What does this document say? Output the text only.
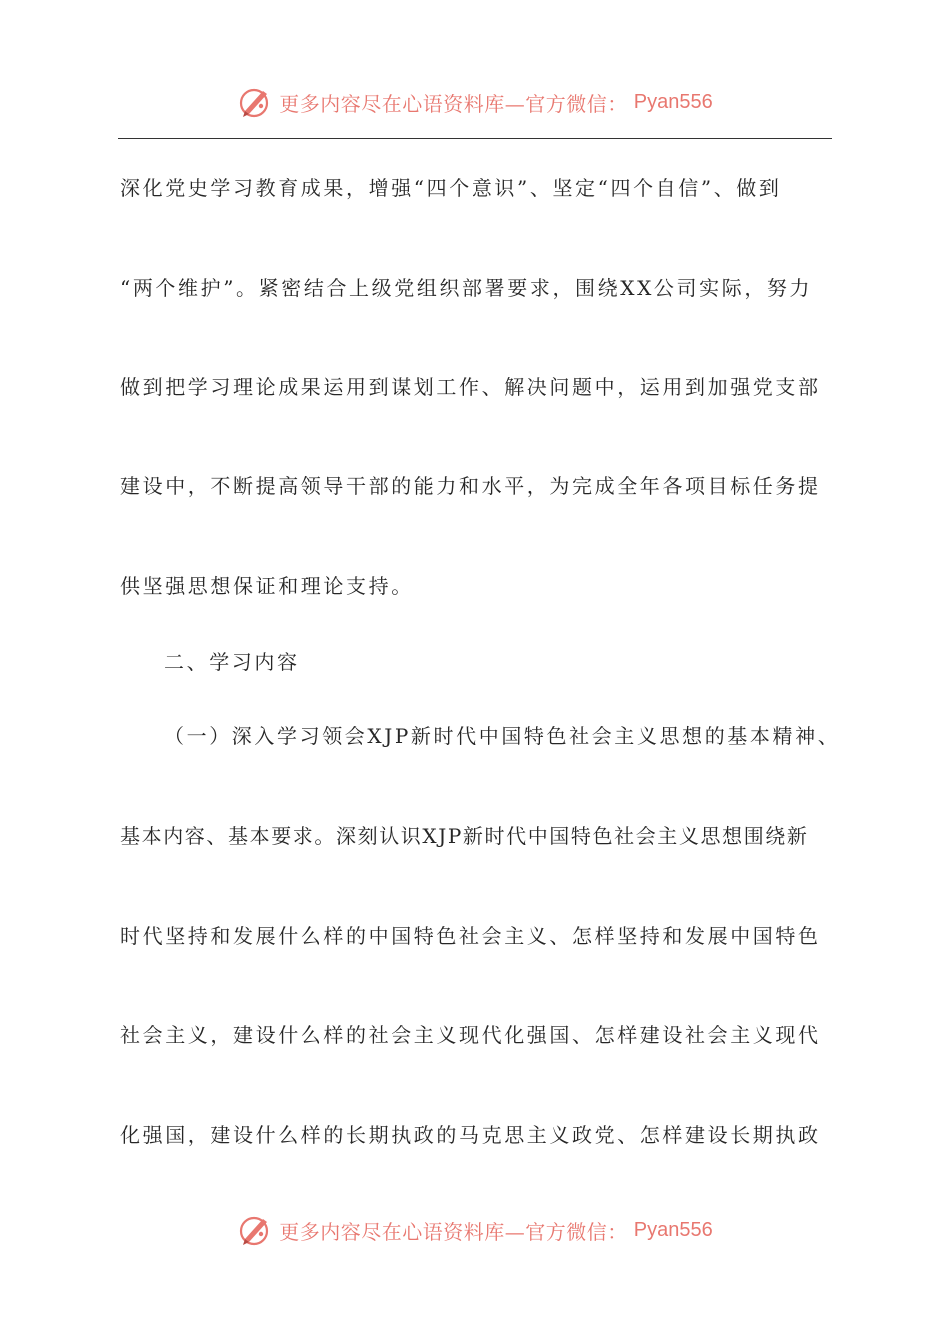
更多内容尽在心语资料库—官方微信： Pyan556
深化党史学习教育成果，增强“四个意识”、坚定“四个自信”、做到
“两个维护”。紧密结合上级党组织部署要求，围绕XX公司实际，努力
做到把学习理论成果运用到谋划工作、解决问题中，运用到加强党支部
建设中，不断提高领导干部的能力和水平，为完成全年各项目标任务提
供坚强思想保证和理论支持。
二、学习内容
（一）深入学习领会XJP新时代中国特色社会主义思想的基本精神、
基本内容、基本要求。深刻认识XJP新时代中国特色社会主义思想围绕新
时代坚持和发展什么样的中国特色社会主义、怎样坚持和发展中国特色
社会主义，建设什么样的社会主义现代化强国、怎样建设社会主义现代
化强国，建设什么样的长期执政的马克思主义政党、怎样建设长期执政
更多内容尽在心语资料库—官方微信： Pyan556
